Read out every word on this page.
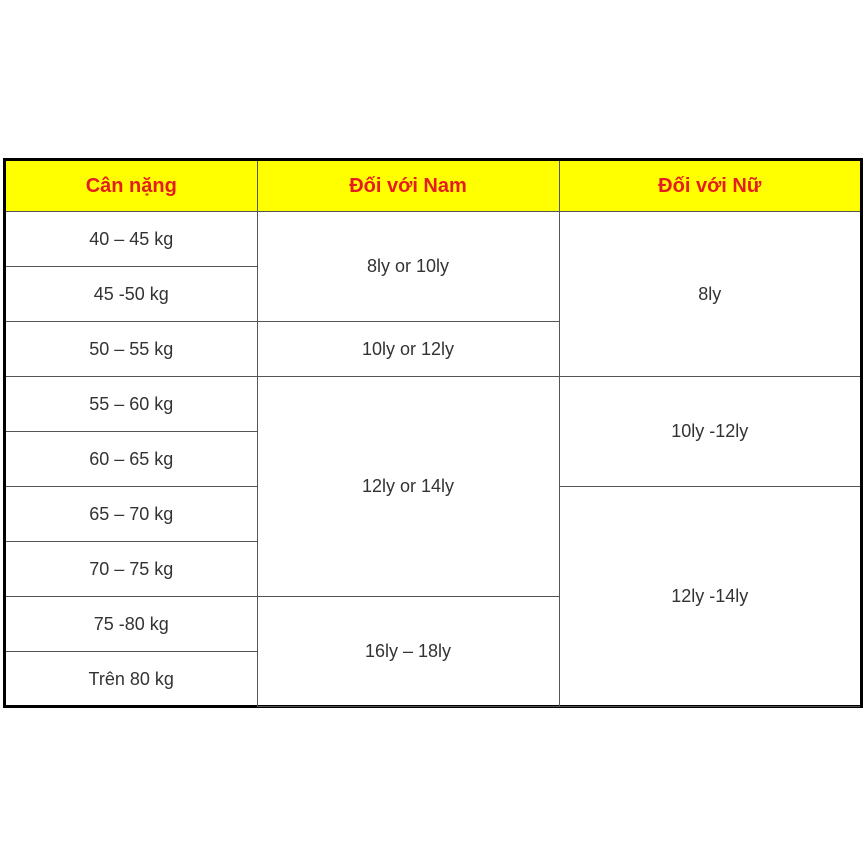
Cân nặng	Đối với Nam	Đối với Nữ
40 – 45 kg	8ly or 10ly	8ly
45 -50 kg		
50 – 55 kg	10ly or 12ly	
55 – 60 kg	12ly or 14ly	10ly -12ly
60 – 65 kg		
65 – 70 kg		12ly -14ly
70 – 75 kg		
75 -80 kg	16ly – 18ly	
Trên 80 kg		
